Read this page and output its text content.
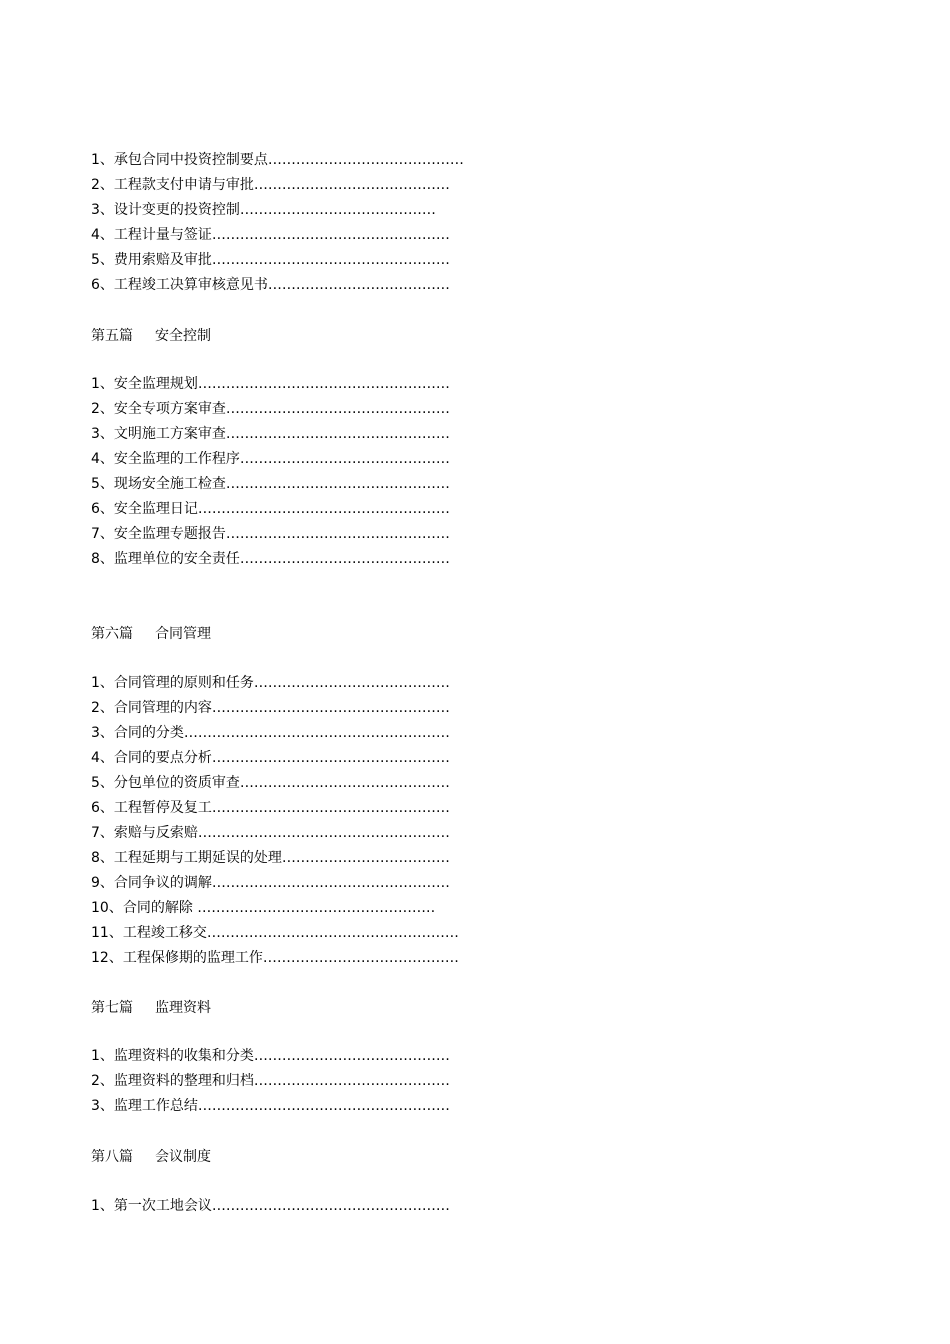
1、承包合同中投资控制要点……………………………………
2、工程款支付申请与审批……………………………………
3、设计变更的投资控制……………………………………
4、工程计量与签证……………………………………………
5、费用索赔及审批……………………………………………
6、工程竣工决算审核意见书…………………………………
第五篇 安全控制
1、安全监理规划………………………………………………
2、安全专项方案审查…………………………………………
3、文明施工方案审查…………………………………………
4、安全监理的工作程序………………………………………
5、现场安全施工检查…………………………………………
6、安全监理日记………………………………………………
7、安全监理专题报告…………………………………………
8、监理单位的安全责任………………………………………
第六篇 合同管理
1、合同管理的原则和任务……………………………………
2、合同管理的内容……………………………………………
3、合同的分类…………………………………………………
4、合同的要点分析……………………………………………
5、分包单位的资质审查………………………………………
6、工程暂停及复工……………………………………………
7、索赔与反索赔………………………………………………
8、工程延期与工期延误的处理………………………………
9、合同争议的调解……………………………………………
10、合同的解除 ……………………………………………
11、工程竣工移交………………………………………………
12、工程保修期的监理工作……………………………………
第七篇 监理资料
1、监理资料的收集和分类……………………………………
2、监理资料的整理和归档……………………………………
3、监理工作总结………………………………………………
第八篇 会议制度
1、第一次工地会议……………………………………………
